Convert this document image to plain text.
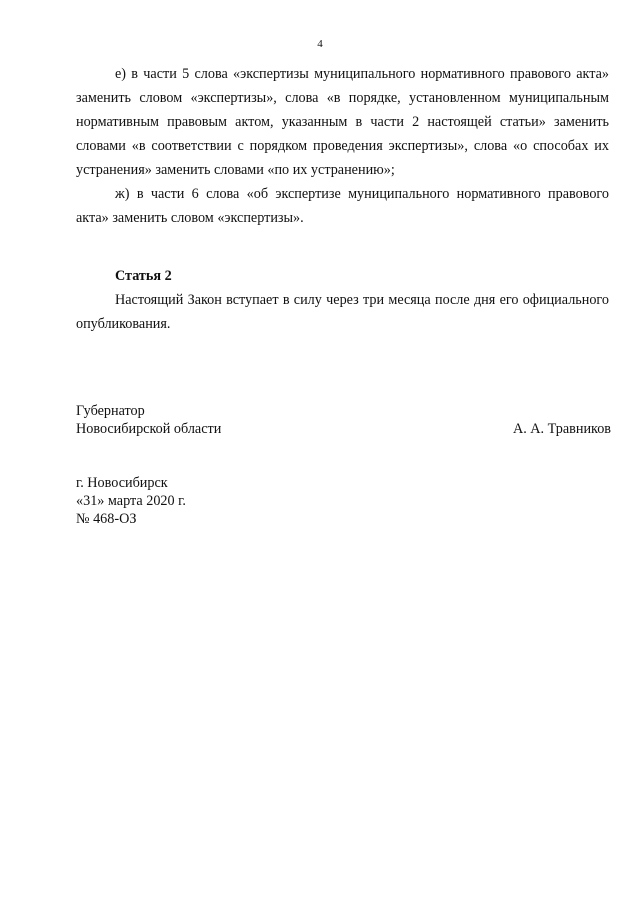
4

е) в части 5 слова «экспертизы муниципального нормативного правового акта» заменить словом «экспертизы», слова «в порядке, установленном муниципальным нормативным правовым актом, указанным в части 2 настоящей статьи» заменить словами «в соответствии с порядком проведения экспертизы», слова «о способах их устранения» заменить словами «по их устранению»;

ж) в части 6 слова «об экспертизе муниципального нормативного правового акта» заменить словом «экспертизы».

Статья 2

Настоящий Закон вступает в силу через три месяца после дня его официального опубликования.

Губернатор
Новосибирской области	А. А. Травников
г. Новосибирск
«31» марта 2020 г.
№ 468-ОЗ
